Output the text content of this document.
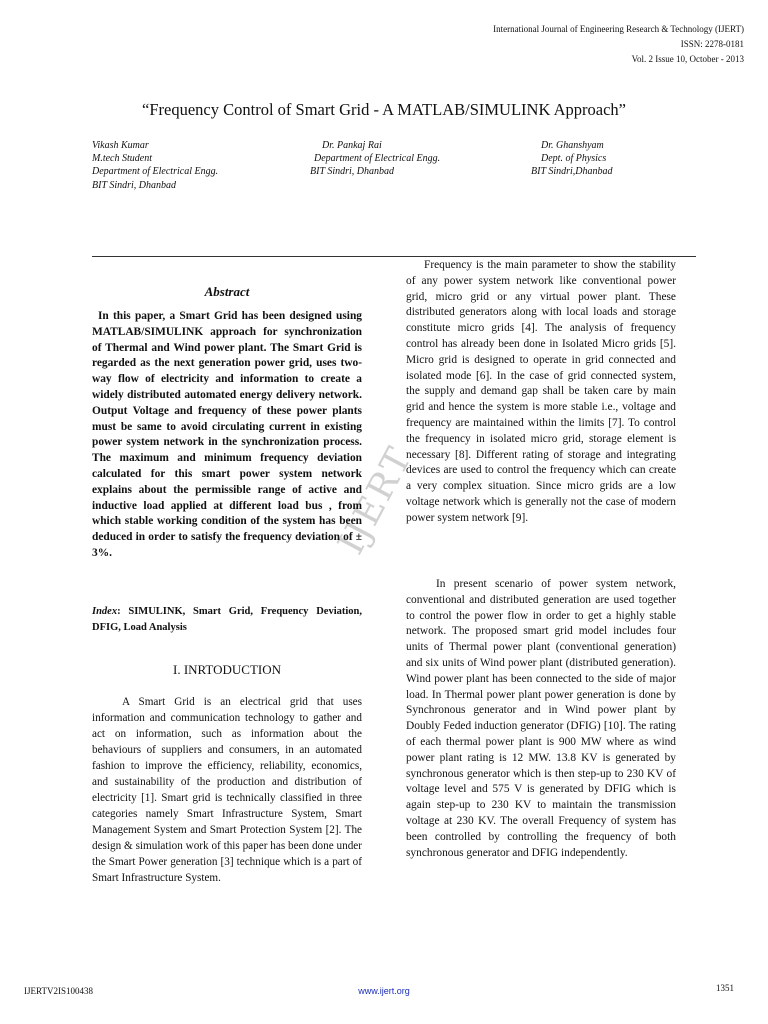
International Journal of Engineering Research & Technology (IJERT)
ISSN: 2278-0181
Vol. 2 Issue 10, October - 2013
“Frequency Control of Smart Grid - A MATLAB/SIMULINK Approach”
Vikash Kumar
M.tech Student
Department of Electrical Engg.
BIT Sindri, Dhanbad
Dr. Pankaj Rai
Department of Electrical Engg.
BIT Sindri, Dhanbad
Dr. Ghanshyam
Dept. of Physics
BIT Sindri,Dhanbad
IJERT
Abstract

In this paper, a Smart Grid has been designed using MATLAB/SIMULINK approach for synchronization of Thermal and Wind power plant. The Smart Grid is regarded as the next generation power grid, uses two-way flow of electricity and information to create a widely distributed automated energy delivery network. Output Voltage and frequency of these power plants must be same to avoid circulating current in existing power system network in the synchronization process. The maximum and minimum frequency deviation calculated for this smart power system network explains about the permissible range of active and inductive load applied at different load bus , from which stable working condition of the system has been deduced in order to satisfy the frequency deviation of ± 3%.

Index: SIMULINK, Smart Grid, Frequency Deviation, DFIG, Load Analysis
I. INRTODUCTION

A Smart Grid is an electrical grid that uses information and communication technology to gather and act on information, such as information about the behaviours of suppliers and consumers, in an automated fashion to improve the efficiency, reliability, economics, and sustainability of the production and distribution of electricity [1]. Smart grid is technically classified in three categories namely Smart Infrastructure System, Smart Management System and Smart Protection System [2]. The design & simulation work of this paper has been done under the Smart Power generation [3] technique which is a part of Smart Infrastructure System.

Frequency is the main parameter to show the stability of any power system network like conventional power grid, micro grid or any virtual power plant. These distributed generators along with local loads and storage constitute micro grids [4]. The analysis of frequency control has already been done in Isolated Micro grids [5]. Micro grid is designed to operate in grid connected and isolated mode [6]. In the case of grid connected system, the supply and demand gap shall be taken care by main grid and hence the system is more stable i.e., voltage and frequency are maintained within the limits [7]. To control the frequency in isolated micro grid, storage element is necessary [8]. Different rating of storage and integrating devices are used to control the frequency which can create a very complex situation. Since micro grids are a low voltage network which is generally not the case of modern power system network [9].

In present scenario of power system network, conventional and distributed generation are used together to control the power flow in order to get a highly stable network. The proposed smart grid model includes four units of Thermal power plant (conventional generation) and six units of Wind power plant (distributed generation). Wind power plant has been connected to the side of major load. In Thermal power plant power generation is done by Synchronous generator and in Wind power plant by Doubly Feded induction generator (DFIG) [10]. The rating of each thermal power plant is 900 MW where as wind power plant rating is 12 MW. 13.8 KV is generated by synchronous generator which is then step-up to 230 KV of voltage level and 575 V is generated by DFIG which is again step-up to 230 KV to maintain the transmission voltage at 230 KV. The overall Frequency of system has been controlled by controlling the frequency of both synchronous generator and DFIG independently.

IJERTV2IS100438	www.ijert.org	1351
